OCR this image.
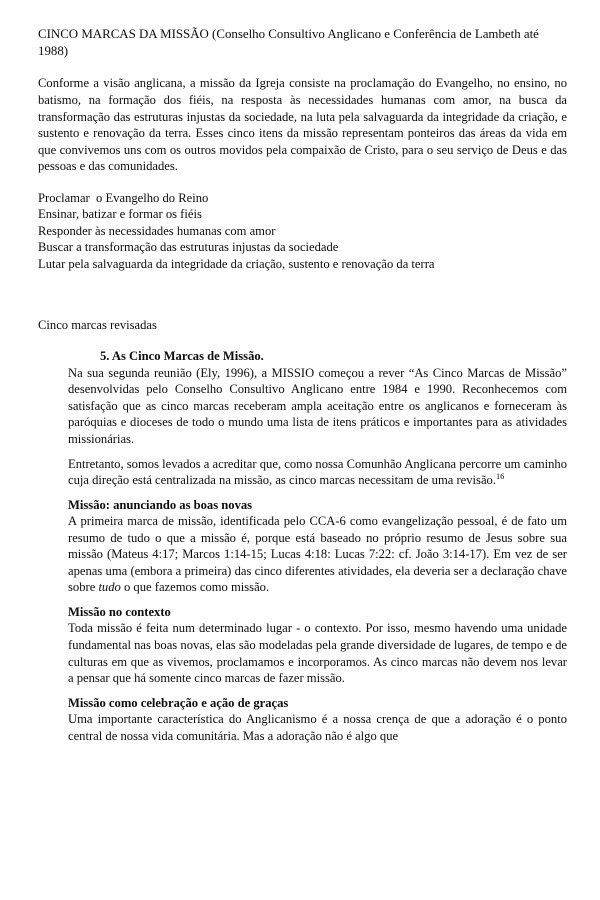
CINCO MARCAS DA MISSÃO (Conselho Consultivo Anglicano e Conferência de Lambeth até 1988)

Conforme a visão anglicana, a missão da Igreja consiste na proclamação do Evangelho, no ensino, no batismo, na formação dos fiéis, na resposta às necessidades humanas com amor, na busca da transformação das estruturas injustas da sociedade, na luta pela salvaguarda da integridade da criação, e sustento e renovação da terra. Esses cinco itens da missão representam ponteiros das áreas da vida em que convivemos uns com os outros movidos pela compaixão de Cristo, para o seu serviço de Deus e das pessoas e das comunidades.

Proclamar  o Evangelho do Reino
Ensinar, batizar e formar os fiéis
Responder às necessidades humanas com amor
Buscar a transformação das estruturas injustas da sociedade
Lutar pela salvaguarda da integridade da criação, sustento e renovação da terra

Cinco marcas revisadas

5. As Cinco Marcas de Missão.

Na sua segunda reunião (Ely, 1996), a MISSIO começou a rever “As Cinco Marcas de Missão” desenvolvidas pelo Conselho Consultivo Anglicano entre 1984 e 1990. Reconhecemos com satisfação que as cinco marcas receberam ampla aceitação entre os anglicanos e forneceram às paróquias e dioceses de todo o mundo uma lista de itens práticos e importantes para as atividades missionárias.

Entretanto, somos levados a acreditar que, como nossa Comunhão Anglicana percorre um caminho cuja direção está centralizada na missão, as cinco marcas necessitam de uma revisão.$^{16}$

Missão: anunciando as boas novas

A primeira marca de missão, identificada pelo CCA-6 como evangelização pessoal, é de fato um resumo de tudo o que a missão é, porque está baseado no próprio resumo de Jesus sobre sua missão (Mateus 4:17; Marcos 1:14-15; Lucas 4:18: Lucas 7:22: cf. João 3:14-17). Em vez de ser apenas uma (embora a primeira) das cinco diferentes atividades, ela deveria ser a declaração chave sobre tudo o que fazemos como missão.

Missão no contexto

Toda missão é feita num determinado lugar - o contexto. Por isso, mesmo havendo uma unidade fundamental nas boas novas, elas são modeladas pela grande diversidade de lugares, de tempo e de culturas em que as vivemos, proclamamos e incorporamos. As cinco marcas não devem nos levar a pensar que há somente cinco marcas de fazer missão.

Missão como celebração e ação de graças

Uma importante característica do Anglicanismo é a nossa crença de que a adoração é o ponto central de nossa vida comunitária. Mas a adoração não é algo que
